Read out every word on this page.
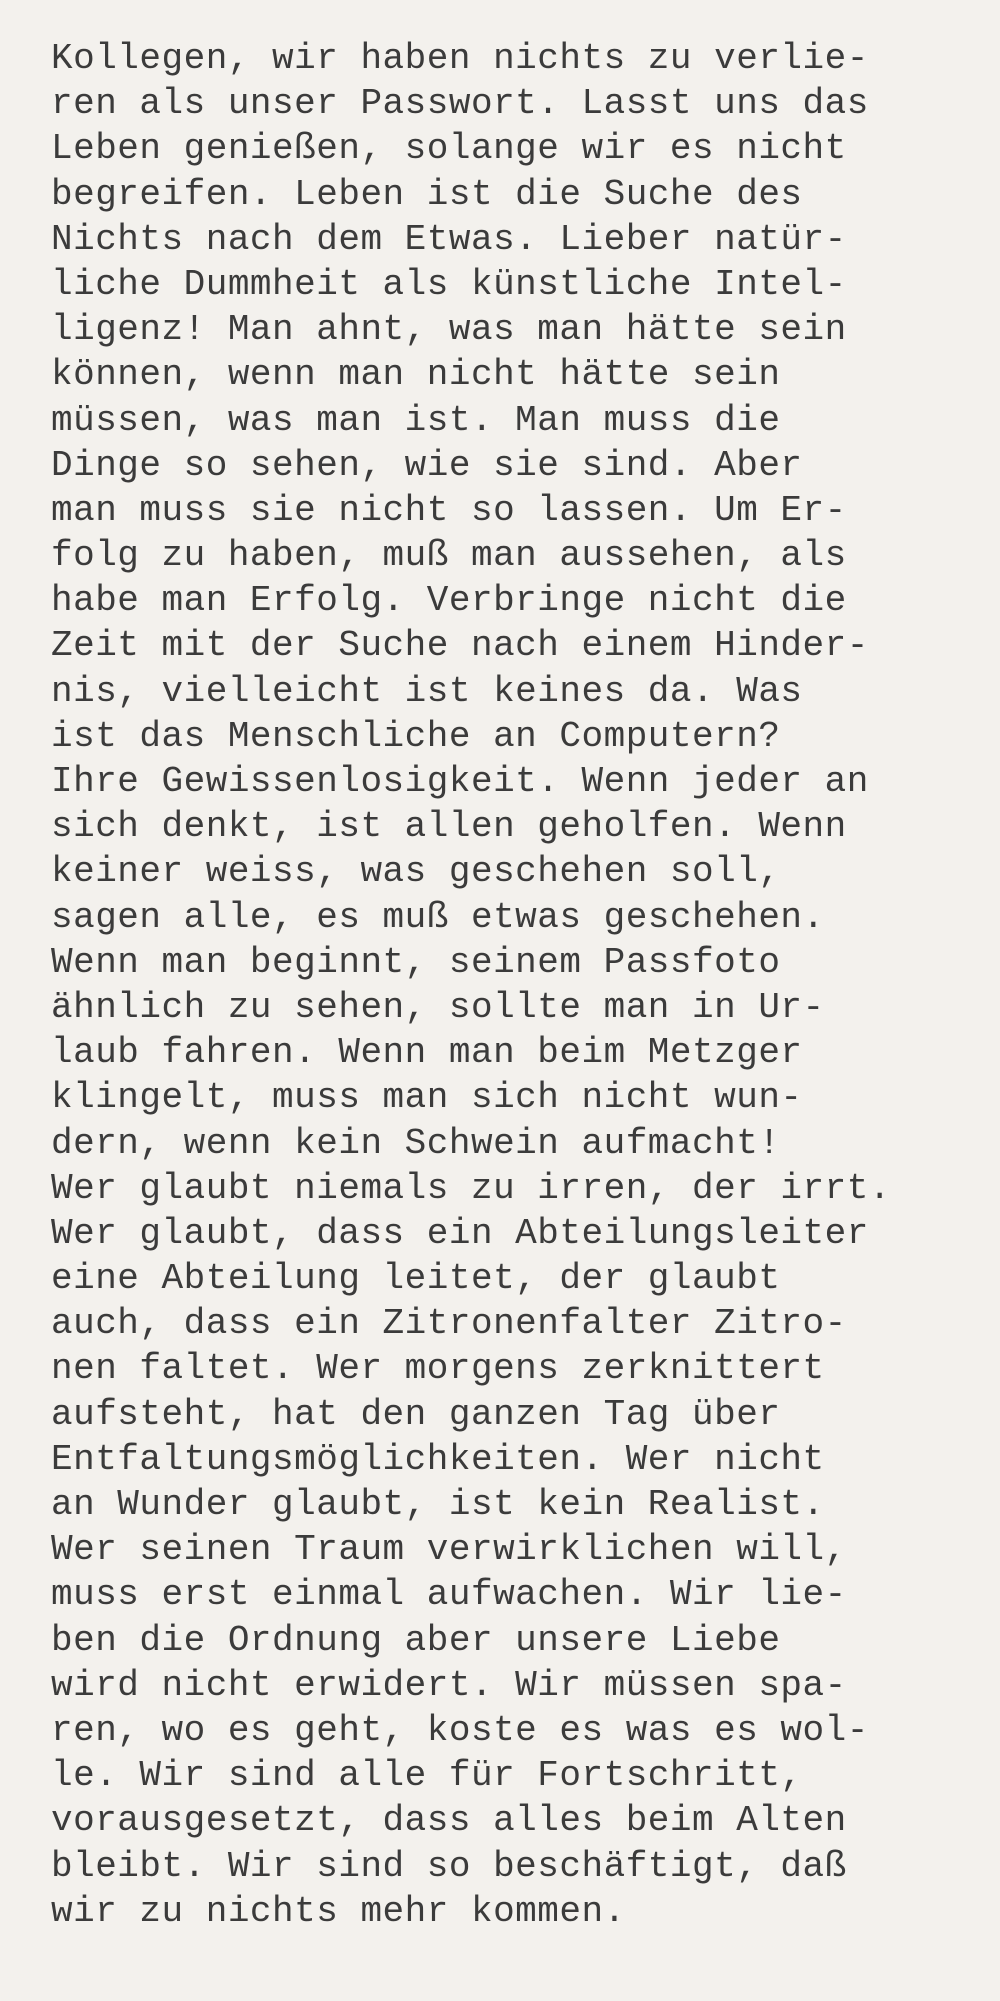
Kollegen, wir haben nichts zu verlie-
ren als unser Passwort. Lasst uns das
Leben genießen, solange wir es nicht
begreifen. Leben ist die Suche des
Nichts nach dem Etwas. Lieber natür-
liche Dummheit als künstliche Intel-
ligenz! Man ahnt, was man hätte sein
können, wenn man nicht hätte sein
müssen, was man ist. Man muss die
Dinge so sehen, wie sie sind. Aber
man muss sie nicht so lassen. Um Er-
folg zu haben, muß man aussehen, als
habe man Erfolg. Verbringe nicht die
Zeit mit der Suche nach einem Hinder-
nis, vielleicht ist keines da. Was
ist das Menschliche an Computern?
Ihre Gewissenlosigkeit. Wenn jeder an
sich denkt, ist allen geholfen. Wenn
keiner weiss, was geschehen soll,
sagen alle, es muß etwas geschehen.
Wenn man beginnt, seinem Passfoto
ähnlich zu sehen, sollte man in Ur-
laub fahren. Wenn man beim Metzger
klingelt, muss man sich nicht wun-
dern, wenn kein Schwein aufmacht!
Wer glaubt niemals zu irren, der irrt.
Wer glaubt, dass ein Abteilungsleiter
eine Abteilung leitet, der glaubt
auch, dass ein Zitronenfalter Zitro-
nen faltet. Wer morgens zerknittert
aufsteht, hat den ganzen Tag über
Entfaltungsmöglichkeiten. Wer nicht
an Wunder glaubt, ist kein Realist.
Wer seinen Traum verwirklichen will,
muss erst einmal aufwachen. Wir lie-
ben die Ordnung aber unsere Liebe
wird nicht erwidert. Wir müssen spa-
ren, wo es geht, koste es was es wol-
le. Wir sind alle für Fortschritt,
vorausgesetzt, dass alles beim Alten
bleibt. Wir sind so beschäftigt, daß
wir zu nichts mehr kommen.
